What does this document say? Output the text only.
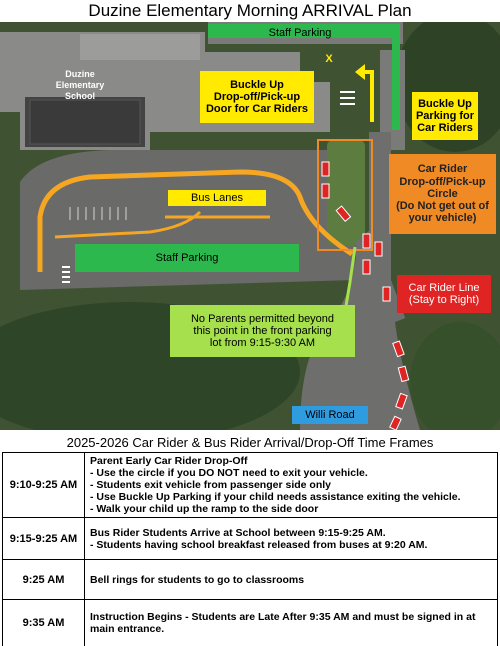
Duzine Elementary Morning ARRIVAL Plan
Duzine
Elementary School
Staff Parking
Buckle Up
Drop-off/Pick-up
Door for Car Riders	Buckle Up
Parking for
Car Riders
Car Rider
Drop-off/Pick-up
Circle
(Do Not get out of
your vehicle)
Bus Lanes
Staff Parking
Car Rider Line
(Stay to Right)
No Parents permitted beyond
this point in the front parking
lot from 9:15-9:30 AM
Willi Road
X
2025-2026 Car Rider & Bus Rider Arrival/Drop-Off Time Frames
9:10-9:25 AM	Parent Early Car Rider Drop-Off
- Use the circle if you DO NOT need to exit your vehicle.
- Students exit vehicle from passenger side only
- Use Buckle Up Parking if your child needs assistance exiting the vehicle.
- Walk your child up the ramp to the side door

9:15-9:25 AM	Bus Rider Students Arrive at School between 9:15-9:25 AM.
- Students having school breakfast released from buses at 9:20 AM.

9:25 AM	Bell rings for students to go to classrooms

9:35 AM	Instruction Begins - Students are Late After 9:35 AM and must be signed in at main entrance.
